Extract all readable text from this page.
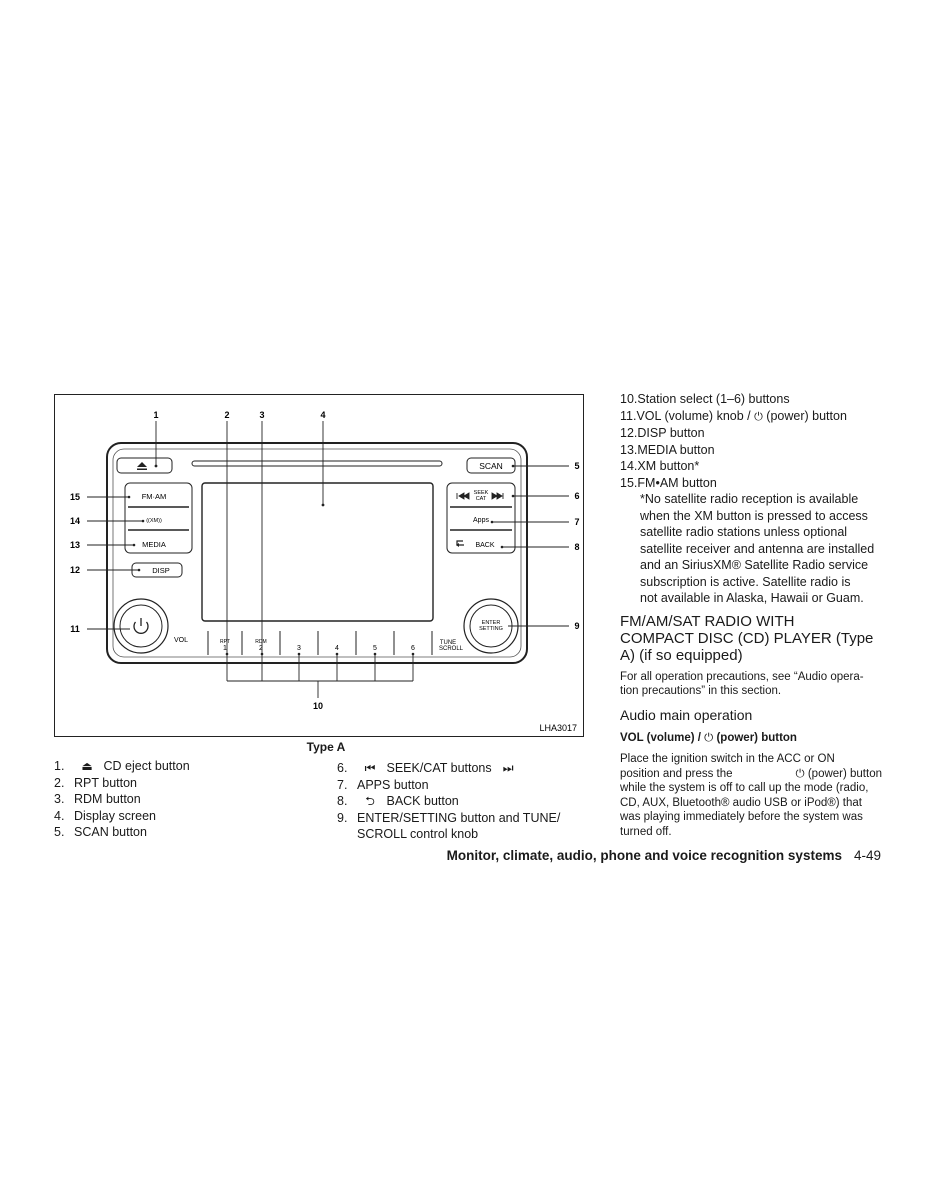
SCAN
FM·AM
((XM))
MEDIA
DISP
SEEK
CAT
Apps
BACK
VOL
ENTER
SETTING
TUNE
SCROLL
RPT	RDM
1	2	3	4	5	6
1	2	3	4
5
6
7
8
9
10
11
12
13
14
15
LHA3017
Type A
1. ⏏ CD eject button
2. RPT button
3. RDM button
4. Display screen
5. SCAN button
6. ⏮ SEEK/CAT buttons ⏭
7. APPS button
8. ⮌ BACK button
9. ENTER/SETTING button and TUNE/
SCROLL control knob
10.Station select (1–6) buttons
11.VOL (volume) knob / ⏻ (power) button
12.DISP button
13.MEDIA button
14.XM button*
15.FM•AM button
*No satellite radio reception is available
when the XM button is pressed to access
satellite radio stations unless optional
satellite receiver and antenna are installed
and an SiriusXM® Satellite Radio service
subscription is active. Satellite radio is
not available in Alaska, Hawaii or Guam.
FM/AM/SAT RADIO WITH
COMPACT DISC (CD) PLAYER (Type
A) (if so equipped)
For all operation precautions, see “Audio opera-
tion precautions” in this section.
Audio main operation
VOL (volume) / ⏻ (power) button
Place the ignition switch in the ACC or ON
position and press the	⏻ (power) button
while the system is off to call up the mode (radio,
CD, AUX, Bluetooth® audio USB or iPod®) that
was playing immediately before the system was
turned off.
Monitor, climate, audio, phone and voice recognition systems 4-49
